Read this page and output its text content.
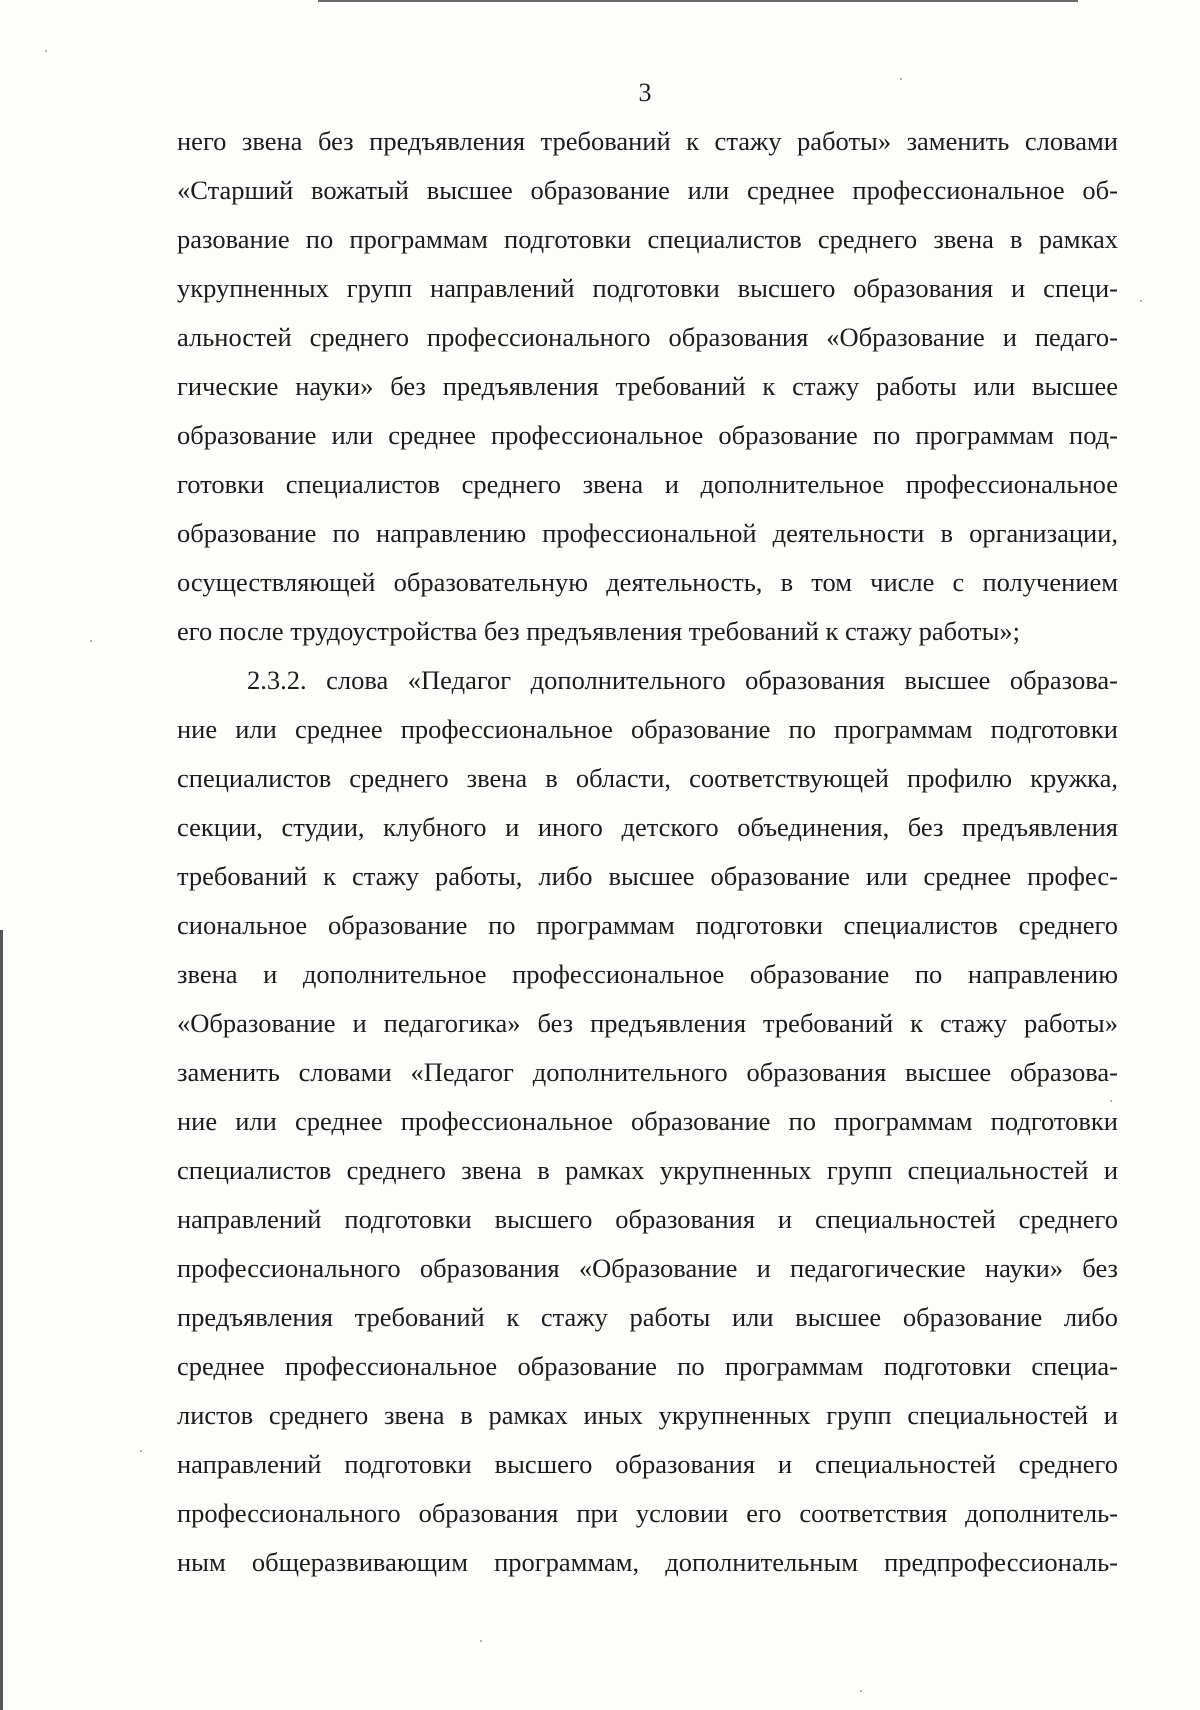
3
него звена без предъявления требований к стажу работы» заменить словами
«Старший вожатый высшее образование или среднее профессиональное об-
разование по программам подготовки специалистов среднего звена в рамках
укрупненных групп направлений подготовки высшего образования и специ-
альностей среднего профессионального образования «Образование и педаго-
гические науки» без предъявления требований к стажу работы или высшее
образование или среднее профессиональное образование по программам под-
готовки специалистов среднего звена и дополнительное профессиональное
образование по направлению профессиональной деятельности в организации,
осуществляющей образовательную деятельность, в том числе с получением
его после трудоустройства без предъявления требований к стажу работы»;
2.3.2. слова «Педагог дополнительного образования высшее образова-
ние или среднее профессиональное образование по программам подготовки
специалистов среднего звена в области, соответствующей профилю кружка,
секции, студии, клубного и иного детского объединения, без предъявления
требований к стажу работы, либо высшее образование или среднее профес-
сиональное образование по программам подготовки специалистов среднего
звена и дополнительное профессиональное образование по направлению
«Образование и педагогика» без предъявления требований к стажу работы»
заменить словами «Педагог дополнительного образования высшее образова-
ние или среднее профессиональное образование по программам подготовки
специалистов среднего звена в рамках укрупненных групп специальностей и
направлений подготовки высшего образования и специальностей среднего
профессионального образования «Образование и педагогические науки» без
предъявления требований к стажу работы или высшее образование либо
среднее профессиональное образование по программам подготовки специа-
листов среднего звена в рамках иных укрупненных групп специальностей и
направлений подготовки высшего образования и специальностей среднего
профессионального образования при условии его соответствия дополнитель-
ным общеразвивающим программам, дополнительным предпрофессиональ-
